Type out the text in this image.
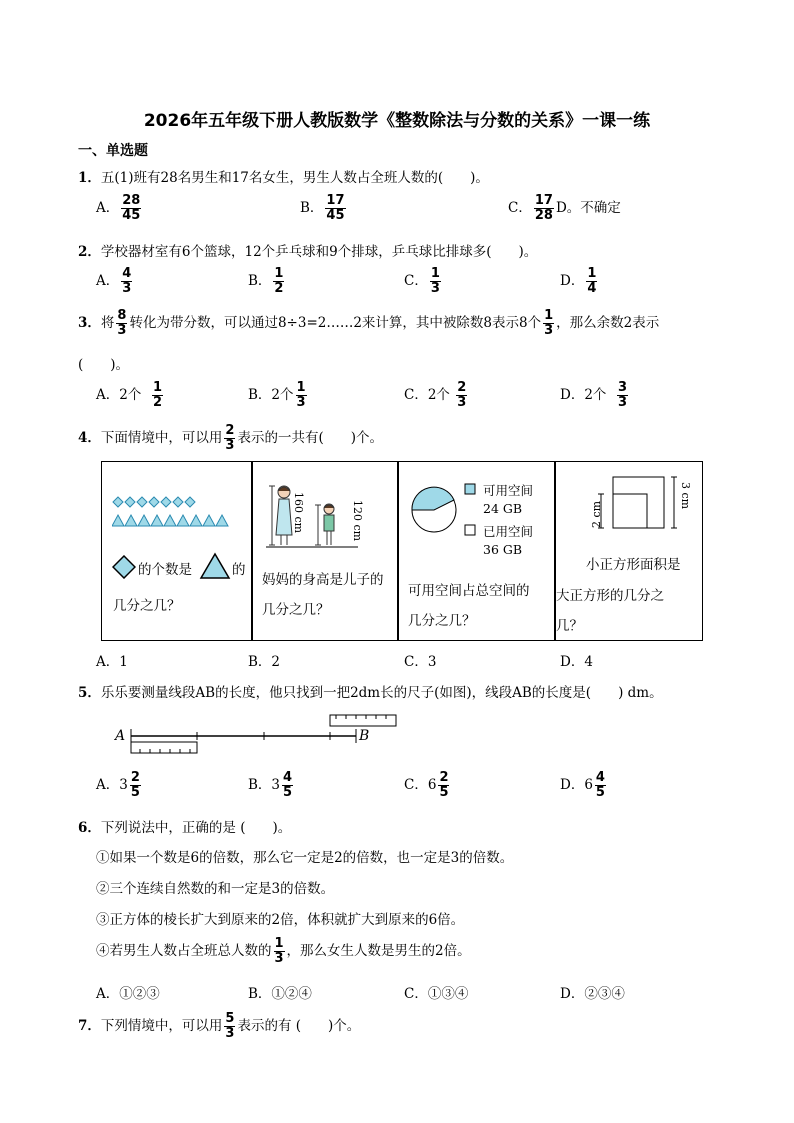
2026年五年级下册人教版数学《整数除法与分数的关系》一课一练
一、单选题
1．五(1)班有28名男生和17名女生，男生人数占全班人数的(　　)。
A． $\frac{28}{45}$	B． $\frac{17}{45}$	C． $\frac{17}{28}$ D。不确定
2．学校器材室有6个篮球，12个乒乓球和9个排球，乒乓球比排球多(　　)。
A． $\frac{4}{3}$	B． $\frac{1}{2}$	C． $\frac{1}{3}$	D． $\frac{1}{4}$
3．将 $\frac{8}{3}$ 转化为带分数，可以通过8÷3=2……2来计算，其中被除数8表示8个 $\frac{1}{3}$ ，那么余数2表示
(　　)。
A．2个 $\frac{1}{2}$	B．2个 $\frac{1}{3}$	C．2个 $\frac{2}{3}$	D．2个 $\frac{3}{3}$
4．下面情境中，可以用 $\frac{2}{3}$ 表示的一共有(　　)个。
的个数是	的
几分之几？
160 cm	120 cm
妈妈的身高是儿子的
几分之几？
可用空间
24 GB
已用空间
36 GB
可用空间占总空间的
几分之几？
2 cm
3 cm
小正方形面积是
大正方形的几分之
几？
A．1	B．2	C．3	D．4
5．乐乐要测量线段AB的长度，他只找到一把2dm长的尺子(如图)，线段AB的长度是(　　) dm。
A	B
A．$3 \frac{2}{5}$	B．$3 \frac{4}{5}$	C．$6 \frac{2}{5}$	D．$6 \frac{4}{5}$
6．下列说法中，正确的是 (　　)。
①如果一个数是6的倍数，那么它一定是2的倍数，也一定是3的倍数。
②三个连续自然数的和一定是3的倍数。
③正方体的棱长扩大到原来的2倍，体积就扩大到原来的6倍。
④若男生人数占全班总人数的 $\frac{1}{3}$ ，那么女生人数是男生的2倍。
A．①②③	B．①②④	C．①③④	D．②③④
7．下列情境中，可以用 $\frac{5}{3}$ 表示的有 (　　)个。
